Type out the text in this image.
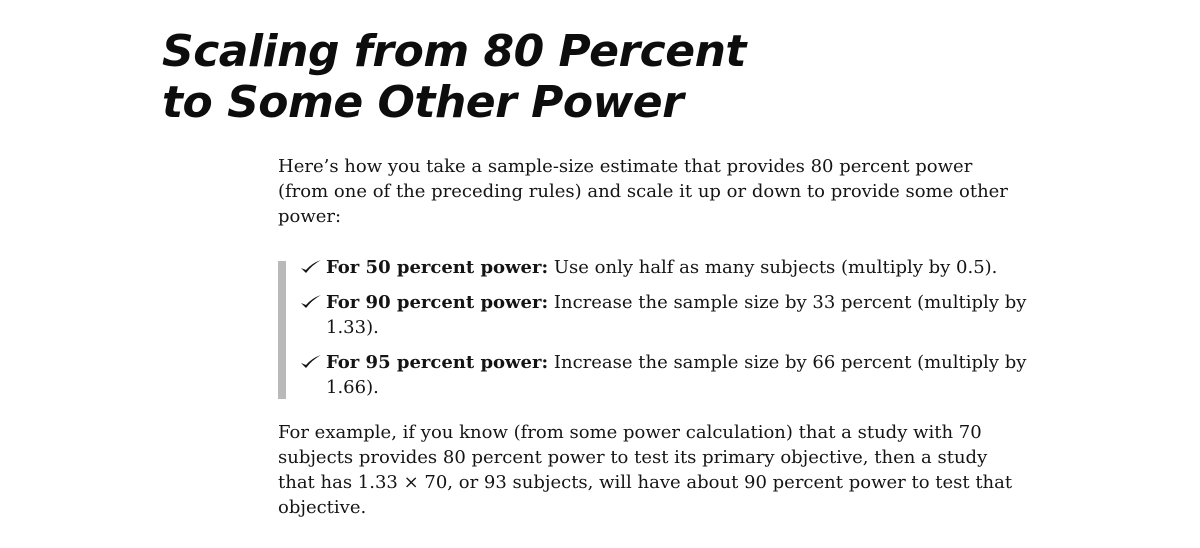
Scaling from 80 Percent
to Some Other Power

Here’s how you take a sample-size estimate that provides 80 percent power (from one of the preceding rules) and scale it up or down to provide some other power:

For 50 percent power: Use only half as many subjects (multiply by 0.5).
For 90 percent power: Increase the sample size by 33 percent (multiply by 1.33).
For 95 percent power: Increase the sample size by 66 percent (multiply by 1.66).

For example, if you know (from some power calculation) that a study with 70 subjects provides 80 percent power to test its primary objective, then a study that has 1.33 × 70, or 93 subjects, will have about 90 percent power to test that objective.
